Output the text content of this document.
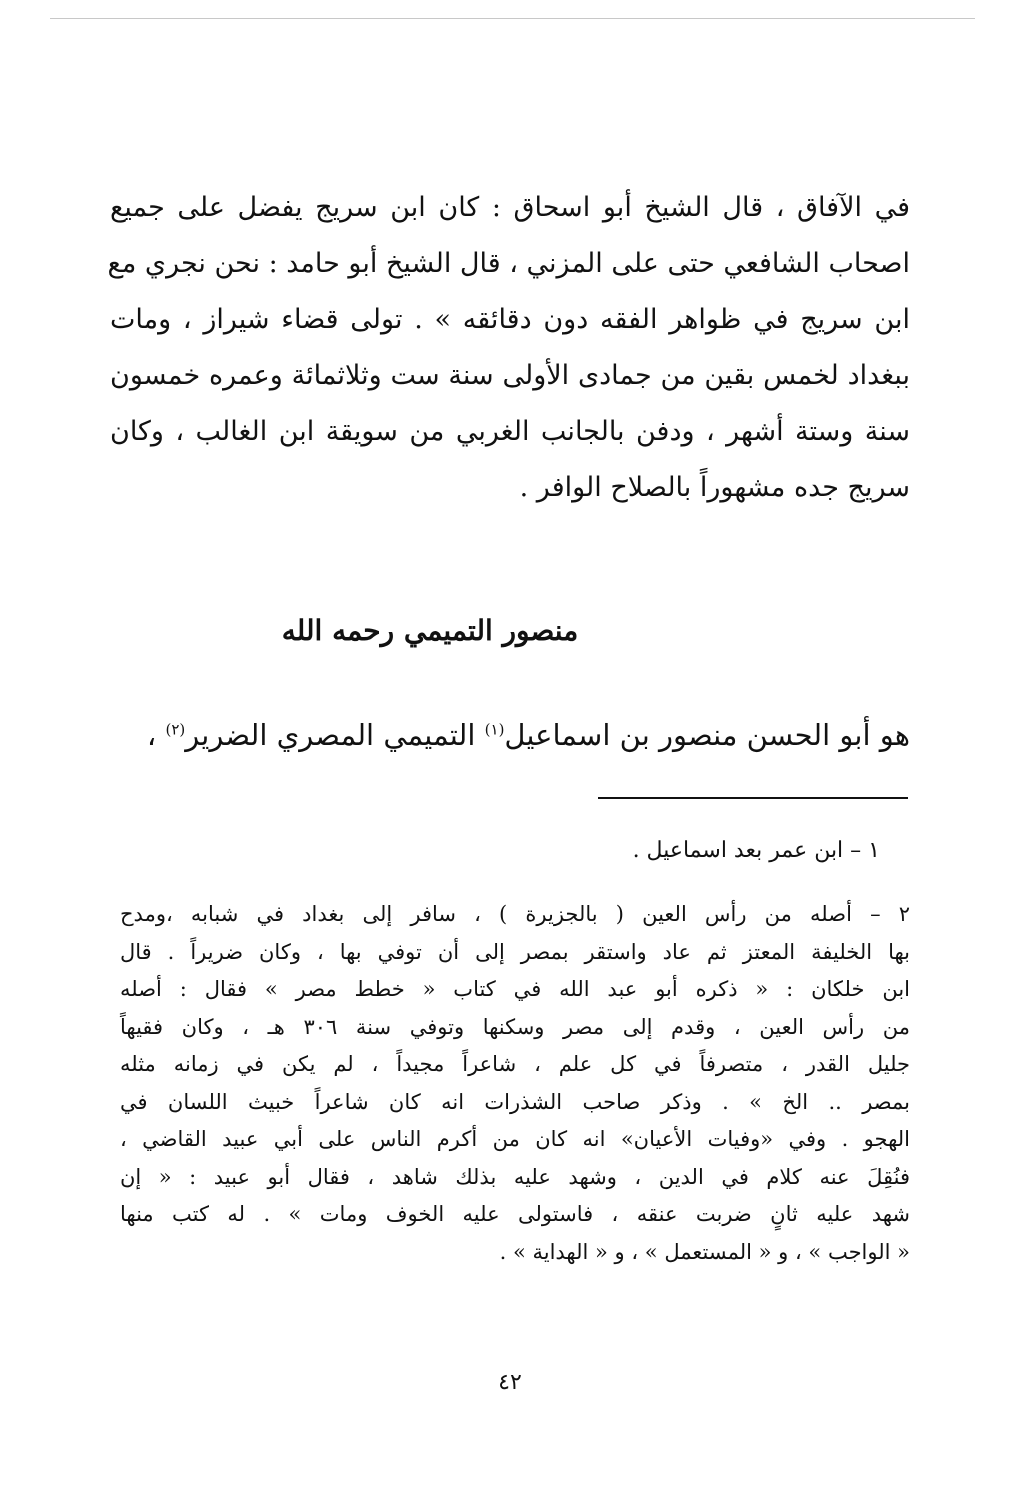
في الآفاق ، قال الشيخ أبو اسحاق : كان ابن سريج يفضل على جميع
اصحاب الشافعي حتى على المزني ، قال الشيخ أبو حامد : نحن نجري مع
ابن سريج في ظواهر الفقه دون دقائقه » . تولى قضاء شيراز ، ومات
ببغداد لخمس بقين من جمادى الأولى سنة ست وثلاثمائة وعمره خمسون
سنة وستة أشهر ، ودفن بالجانب الغربي من سويقة ابن الغالب ، وكان
سريج جده مشهوراً بالصلاح الوافر .
منصور التميمي رحمه الله
هو أبو الحسن منصور بن اسماعيل$^{(١)}$ التميمي المصري الضرير$^{(٢)}$ ،
١ – ابن عمر بعد اسماعيل .
٢ – أصله من رأس العين ( بالجزيرة ) ، سافر إلى بغداد في شبابه ،ومدح
بها الخليفة المعتز ثم عاد واستقر بمصر إلى أن توفي بها ، وكان ضريراً . قال
ابن خلكان : « ذكره أبو عبد الله في كتاب « خطط مصر » فقال : أصله
من رأس العين ، وقدم إلى مصر وسكنها وتوفي سنة ٣٠٦ هـ ، وكان فقيهاً
جليل القدر ، متصرفاً في كل علم ، شاعراً مجيداً ، لم يكن في زمانه مثله
بمصر .. الخ » . وذكر صاحب الشذرات انه كان شاعراً خبيث اللسان في
الهجو . وفي «وفيات الأعيان» انه كان من أكرم الناس على أبي عبيد القاضي ،
فنُقِلَ عنه كلام في الدين ، وشهد عليه بذلك شاهد ، فقال أبو عبيد : « إن
شهد عليه ثانٍ ضربت عنقه ، فاستولى عليه الخوف ومات » . له كتب منها
« الواجب » ، و « المستعمل » ، و « الهداية » .
٤٢
